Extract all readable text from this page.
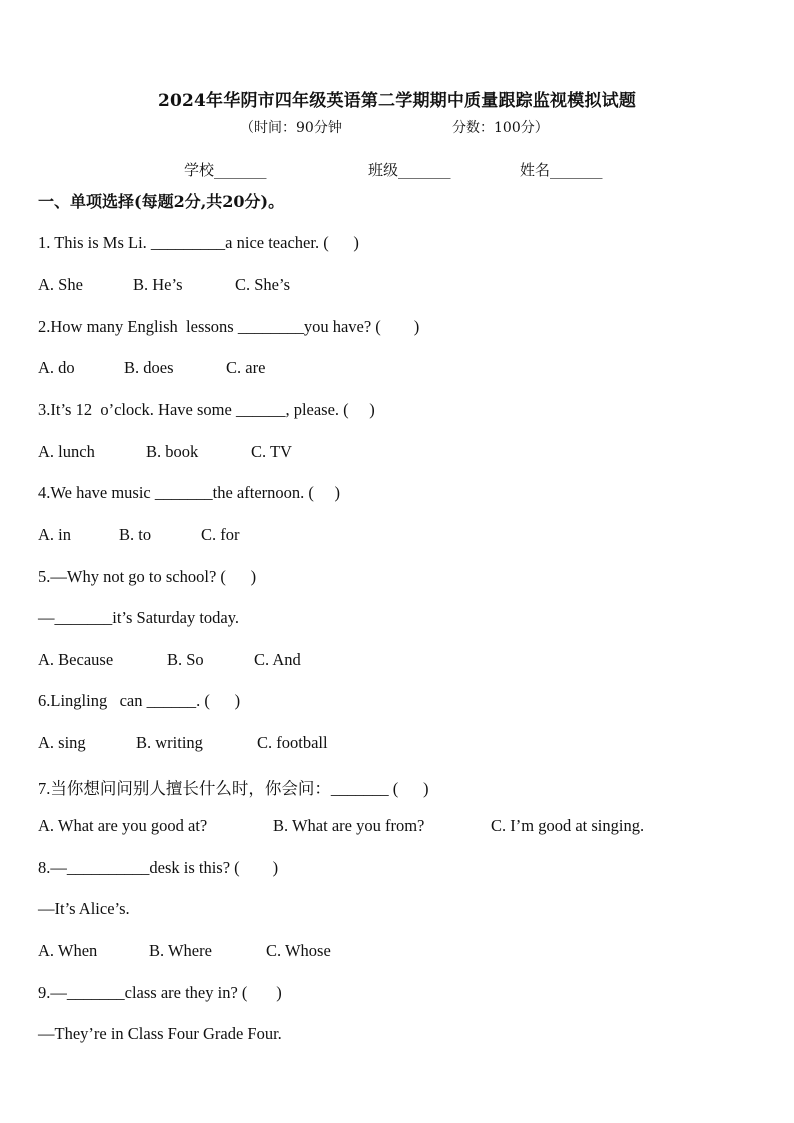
2024年华阴市四年级英语第二学期期中质量跟踪监视模拟试题
（时间：90分钟	分数：100分）
学校_______	班级_______	姓名_______
一、单项选择(每题2分,共20分)。
1. This is Ms Li. _________a nice teacher. (      )
A. She	B. He’s	C. She’s
2.How many English  lessons ________you have? (        )
A. do	B. does	C. are
3.It’s 12  o’clock. Have some ______, please. (     )
A. lunch	B. book	C. TV
4.We have music _______the afternoon. (     )
A. in	B. to	C. for
5.—Why not go to school? (      )
—_______it’s Saturday today.
A. Because	B. So	C. And
6.Lingling   can ______. (      )
A. sing	B. writing	C. football
7.当你想问问别人擅长什么时，你会问：_______ (      )
A. What are you good at?	B. What are you from?	C. I’m good at singing.
8.—__________desk is this? (        )
—It’s Alice’s.
A. When	B. Where	C. Whose
9.—_______class are they in? (       )
—They’re in Class Four Grade Four.
